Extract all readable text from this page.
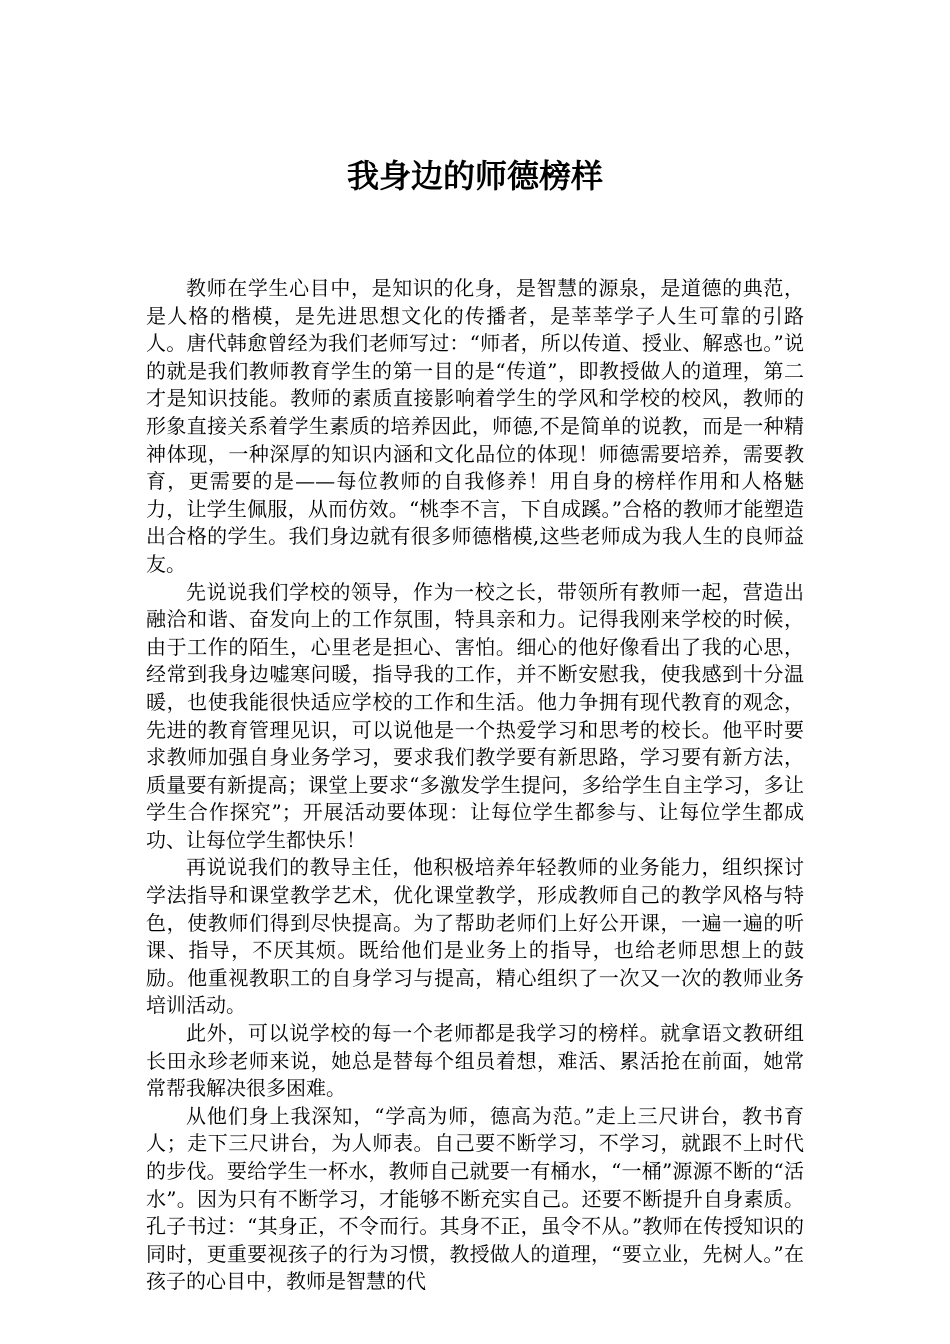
我身边的师德榜样

教师在学生心目中，是知识的化身，是智慧的源泉，是道德的典范，是人格的楷模，是先进思想文化的传播者，是莘莘学子人生可靠的引路人。唐代韩愈曾经为我们老师写过：“师者，所以传道、授业、解惑也。”说的就是我们教师教育学生的第一目的是“传道”，即教授做人的道理，第二才是知识技能。教师的素质直接影响着学生的学风和学校的校风，教师的形象直接关系着学生素质的培养因此，师德,不是简单的说教，而是一种精神体现，一种深厚的知识内涵和文化品位的体现！师德需要培养，需要教育，更需要的是——每位教师的自我修养！用自身的榜样作用和人格魅力，让学生佩服，从而仿效。“桃李不言，下自成蹊。”合格的教师才能塑造出合格的学生。我们身边就有很多师德楷模,这些老师成为我人生的良师益友。

先说说我们学校的领导，作为一校之长，带领所有教师一起，营造出融洽和谐、奋发向上的工作氛围，特具亲和力。记得我刚来学校的时候，由于工作的陌生，心里老是担心、害怕。细心的他好像看出了我的心思，经常到我身边嘘寒问暖，指导我的工作，并不断安慰我，使我感到十分温暖，也使我能很快适应学校的工作和生活。他力争拥有现代教育的观念，先进的教育管理见识，可以说他是一个热爱学习和思考的校长。他平时要求教师加强自身业务学习，要求我们教学要有新思路，学习要有新方法，质量要有新提高；课堂上要求“多激发学生提问，多给学生自主学习，多让学生合作探究”；开展活动要体现：让每位学生都参与、让每位学生都成功、让每位学生都快乐！

再说说我们的教导主任，他积极培养年轻教师的业务能力，组织探讨学法指导和课堂教学艺术，优化课堂教学，形成教师自己的教学风格与特色，使教师们得到尽快提高。为了帮助老师们上好公开课，一遍一遍的听课、指导，不厌其烦。既给他们是业务上的指导，也给老师思想上的鼓励。他重视教职工的自身学习与提高，精心组织了一次又一次的教师业务培训活动。

此外，可以说学校的每一个老师都是我学习的榜样。就拿语文教研组长田永珍老师来说，她总是替每个组员着想，难活、累活抢在前面，她常常帮我解决很多困难。

从他们身上我深知，“学高为师，德高为范。”走上三尺讲台，教书育人；走下三尺讲台，为人师表。自己要不断学习，不学习，就跟不上时代的步伐。要给学生一杯水，教师自己就要一有桶水，“一桶”源源不断的“活水”。因为只有不断学习，才能够不断充实自己。还要不断提升自身素质。孔子书过：“其身正，不令而行。其身不正，虽令不从。”教师在传授知识的同时，更重要视孩子的行为习惯，教授做人的道理，“要立业，先树人。”在孩子的心目中，教师是智慧的代
